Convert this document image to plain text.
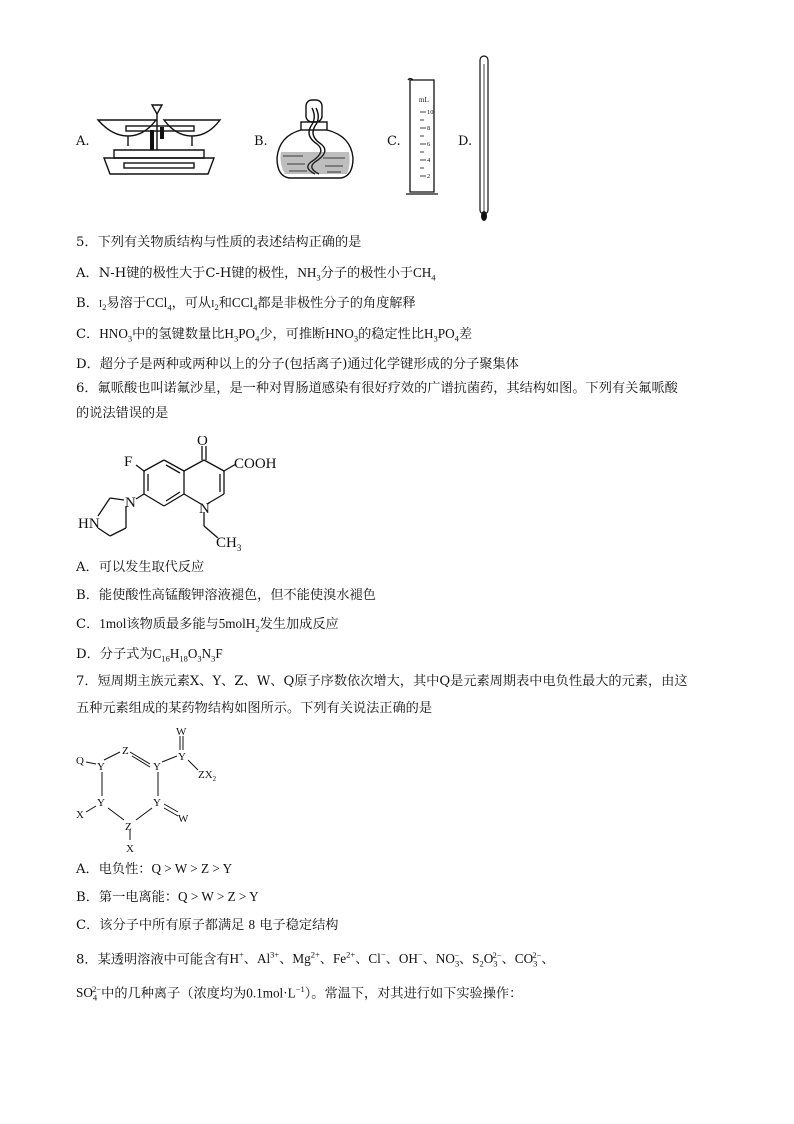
A.	B.	C.
mL
10
8
6
4
2
D.
5．下列有关物质结构与性质的表述结构正确的是
A．N-H键的极性大于C-H键的极性，$NH_3$分子的极性小于$CH_4$
B．$I_2$易溶于CCl$_4$，可从$I_2$和CCl$_4$都是非极性分子的角度解释
C．$HNO_3$中的氢键数量比$H_3PO_4$少，可推断$HNO_3$的稳定性比$H_3PO_4$差
D．超分子是两种或两种以上的分子(包括离子)通过化学键形成的分子聚集体
6．氟哌酸也叫诺氟沙星，是一种对胃肠道感染有很好疗效的广谱抗菌药，其结构如图。下列有关氟哌酸
的说法错误的是
O
F	COOH
N
N
HN
$CH_3$
A．可以发生取代反应
B．能使酸性高锰酸钾溶液褪色，但不能使溴水褪色
C．1mol该物质最多能与5molH$_2$发生加成反应
D．分子式为$C_{16}H_{18}O_3N_3F$
7．短周期主族元素X、Y、Z、W、Q原子序数依次增大，其中Q是元素周期表中电负性最大的元素，由这
五种元素组成的某药物结构如图所示。下列有关说法正确的是
Q Y
Z
Y
W
Y
$ZX_2$
Y	Y
X	W
Z
X
A．电负性：Q > W > Z > Y
B．第一电离能：Q > W > Z > Y
C．该分子中所有原子都满足 8 电子稳定结构
8．某透明溶液中可能含有H+、$Al^{3+}$、$Mg^{2+}$、$Fe^{2+}$、Cl−、OH−、$NO_3^-$、$S_2O_3^{2-}$、$CO_3^{2-}$、
$SO_4^{2-}$中的几种离子（浓度均为$0.1mol\cdot L^{-1}$）。常温下，对其进行如下实验操作：
